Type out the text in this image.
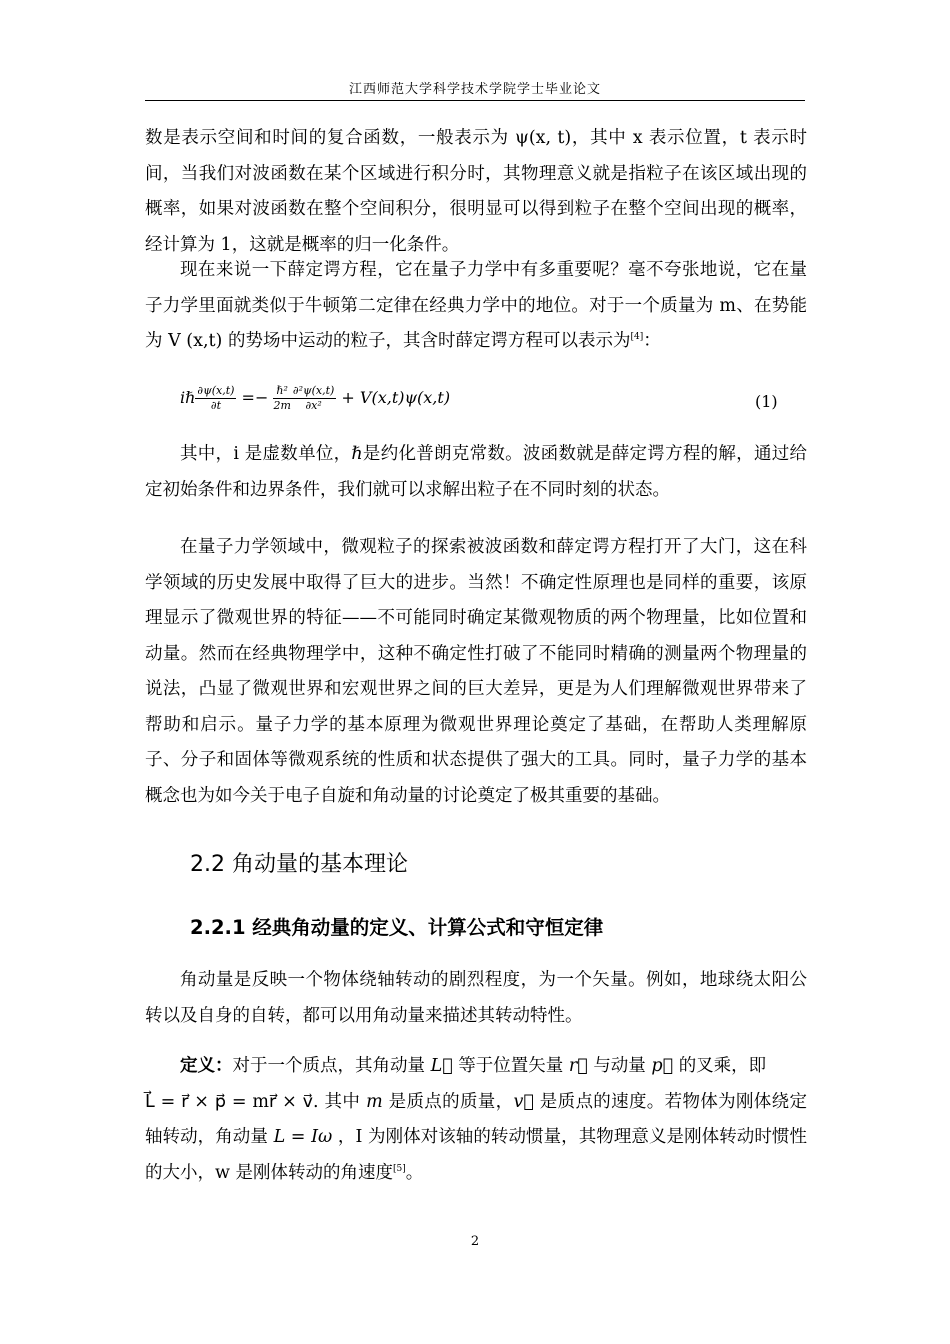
江西师范大学科学技术学院学士毕业论文
数是表示空间和时间的复合函数，一般表示为 ψ(x, t)，其中 x 表示位置，t 表示时间，当我们对波函数在某个区域进行积分时，其物理意义就是指粒子在该区域出现的概率，如果对波函数在整个空间积分，很明显可以得到粒子在整个空间出现的概率，经计算为 1，这就是概率的归一化条件。
现在来说一下薛定谔方程，它在量子力学中有多重要呢？毫不夸张地说，它在量子力学里面就类似于牛顿第二定律在经典力学中的地位。对于一个质量为 m、在势能为 V (x,t) 的势场中运动的粒子，其含时薛定谔方程可以表示为[4]：
iℏ $\frac{\partial\psi(x,t)}{\partial t} =- \frac{\text{ℏ²}}{2m} \frac{\text{∂²ψ(x,t)}}{\text{∂x²}} + V(x,t)\psi(x,t)$	(1)
其中，i 是虚数单位，ℏ是约化普朗克常数。波函数就是薛定谔方程的解，通过给定初始条件和边界条件，我们就可以求解出粒子在不同时刻的状态。
在量子力学领域中，微观粒子的探索被波函数和薛定谔方程打开了大门，这在科学领域的历史发展中取得了巨大的进步。当然！不确定性原理也是同样的重要，该原理显示了微观世界的特征——不可能同时确定某微观物质的两个物理量，比如位置和动量。然而在经典物理学中，这种不确定性打破了不能同时精确的测量两个物理量的说法，凸显了微观世界和宏观世界之间的巨大差异，更是为人们理解微观世界带来了帮助和启示。量子力学的基本原理为微观世界理论奠定了基础，在帮助人类理解原子、分子和固体等微观系统的性质和状态提供了强大的工具。同时，量子力学的基本概念也为如今关于电子自旋和角动量的讨论奠定了极其重要的基础。
2.2 角动量的基本理论
2.2.1 经典角动量的定义、计算公式和守恒定律
角动量是反映一个物体绕轴转动的剧烈程度，为一个矢量。例如，地球绕太阳公转以及自身的自转，都可以用角动量来描述其转动特性。
定义：对于一个质点，其角动量 L⃗ 等于位置矢量 r⃗ 与动量 p⃗ 的叉乘，即
L⃗ = r⃗ × p⃗ = mr⃗ × v⃗. 其中 m 是质点的质量，v⃗ 是质点的速度。若物体为刚体绕定轴转动，角动量 L = Iω ，I 为刚体对该轴的转动惯量，其物理意义是刚体转动时惯性的大小，w 是刚体转动的角速度[5]。
2
